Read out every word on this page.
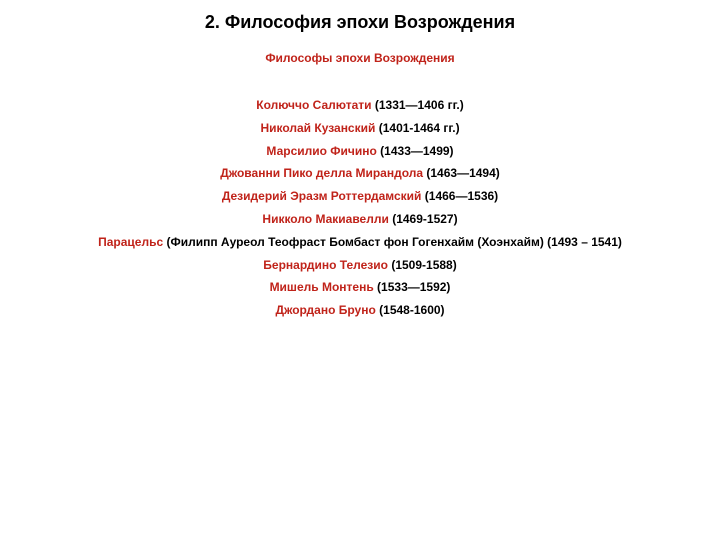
2. Философия эпохи Возрождения
Философы эпохи Возрождения
Колюччо Салютати (1331—1406 гг.)
Николай Кузанский (1401-1464 гг.)
Марсилио Фичино (1433—1499)
Джованни Пико делла Мирандола (1463—1494)
Дезидерий Эразм Роттердамский (1466—1536)
Никколо Макиавелли (1469-1527)
Парацельс (Филипп Ауреол Теофраст Бомбаст фон Гогенхайм (Хоэнхайм) (1493 – 1541)
Бернардино Телезио (1509-1588)
Мишель Монтень (1533—1592)
Джордано Бруно (1548-1600)
